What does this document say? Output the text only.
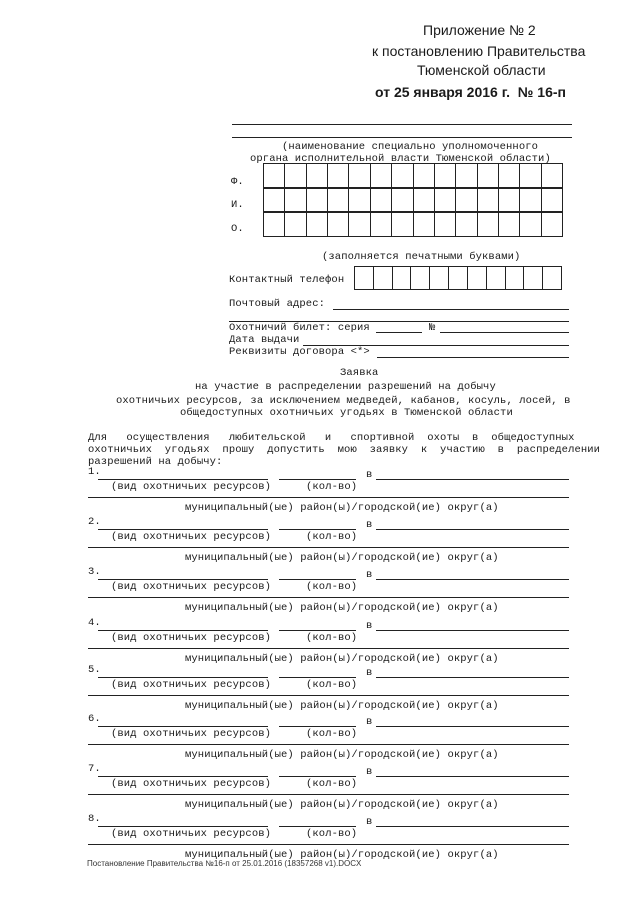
Приложение № 2
к постановлению Правительства
Тюменской области
от 25 января 2016 г.  № 16-п
(наименование специально уполномоченного
органа исполнительной власти Тюменской области)
Ф.
И.
О.
(заполняется печатными буквами)
Контактный телефон
Почтовый адрес:
Охотничий билет: серия	№
Дата выдачи
Реквизиты договора <*>
Заявка
на участие в распределении разрешений на добычу
охотничьих ресурсов, за исключением медведей, кабанов, косуль, лосей, в
общедоступных охотничьих угодьях в Тюменской области
Для   осуществления   любительской   и   спортивной  охоты  в  общедоступных
охотничьих  угодьях  прошу  допустить  мою  заявку  к  участию  в  распределении
разрешений на добычу:
1.	в
(вид охотничьих ресурсов)	(кол-во)
муниципальный(ые) район(ы)/городской(ие) округ(а)
2.	в
(вид охотничьих ресурсов)	(кол-во)
муниципальный(ые) район(ы)/городской(ие) округ(а)
3.	в
(вид охотничьих ресурсов)	(кол-во)
муниципальный(ые) район(ы)/городской(ие) округ(а)
4.	в
(вид охотничьих ресурсов)	(кол-во)
муниципальный(ые) район(ы)/городской(ие) округ(а)
5.	в
(вид охотничьих ресурсов)	(кол-во)
муниципальный(ые) район(ы)/городской(ие) округ(а)
6.	в
(вид охотничьих ресурсов)	(кол-во)
муниципальный(ые) район(ы)/городской(ие) округ(а)
7.	в
(вид охотничьих ресурсов)	(кол-во)
муниципальный(ые) район(ы)/городской(ие) округ(а)
8.	в
(вид охотничьих ресурсов)	(кол-во)
муниципальный(ые) район(ы)/городской(ие) округ(а)
Постановление Правительства №16-п от 25.01.2016 (18357268 v1).DOCX
